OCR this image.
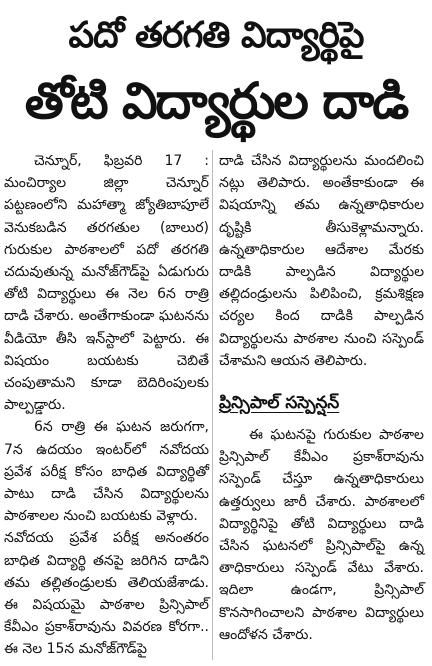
పదో తరగతి విద్యార్థిపై
తోటి విద్యార్థుల దాడి

చెన్నూర్, ఫిబ్రవరి 17 : మంచిర్యాల జిల్లా చెన్నూర్ పట్టణంలోని మహాత్మా జ్యోతిబాపూలే వెనుకబడిన తరగతుల (బాలుర) గురుకుల పాఠశాలలో పదో తరగతి చదువుతున్న మనోజ్‌గౌడ్‌పై ఏడుగురు తోటి విద్యార్థులు ఈ నెల 6న రాత్రి దాడి చేశారు. అంతేగాకుండా ఘటనను వీడియో తీసి ఇన్‌స్టాలో పెట్టారు. ఈ విషయం బయటకు చెబితే చంపుతామని కూడా బెదిరింపులకు పాల్పడ్డారు.

6న రాత్రి ఈ ఘటన జరుగగా, 7న ఉదయం ఇంటర్‌లో నవోదయ ప్రవేశ పరీక్ష కోసం బాధిత విద్యార్థితో పాటు దాడి చేసిన విద్యార్థులను పాఠశాలల నుంచి బయటకు వెళ్లారు.

నవోదయ ప్రవేశ పరీక్ష అనంతరం బాధిత విద్యార్థి తనపై జరిగిన దాడిని తమ తల్లితండ్రులకు తెలియజేశాడు. ఈ విషయమై పాఠశాల ప్రిన్సిపాల్ కేవీఎం ప్రకాశ్‌రావును వివరణ కోరగా.. ఈ నెల 15న మనోజ్‌గౌడ్‌పై

దాడి చేసిన విద్యార్థులను మందలించి నట్లు తెలిపారు. అంతేకాకుండా ఈ విషయాన్ని తమ ఉన్నతాధికారుల దృష్టికి తీసుకెళ్లామన్నారు. ఉన్నతాధికారుల ఆదేశాల మేరకు దాడికి పాల్పడిన విద్యార్థుల తల్లిదండ్రులను పిలిపించి, క్రమశిక్షణ చర్యల కింద దాడికి పాల్పడిన విద్యార్థులను పాఠశాల నుంచి సస్పెండ్ చేశామని ఆయన తెలిపారు.

ప్రిన్సిపాల్ సస్పెన్షన్

ఈ ఘటనపై గురుకుల పాఠశాల ప్రిన్సిపాల్ కేవీఎం ప్రకాశ్‌రావును సస్పెండ్ చేస్తూ ఉన్నతాధికారులు ఉత్తర్వులు జారీ చేశారు. పాఠశాలలో విద్యార్థినిపై తోటి విద్యార్థులు దాడి చేసిన ఘటనలో ప్రిన్సిపాల్‌పై ఉన్న తాధికారులు సస్పెండ్ వేటు వేశారు. ఇదిలా ఉండగా, ప్రిన్సిపాల్ కొనసాగించాలని పాఠశాల విద్యార్థులు ఆందోళన చేశారు.
